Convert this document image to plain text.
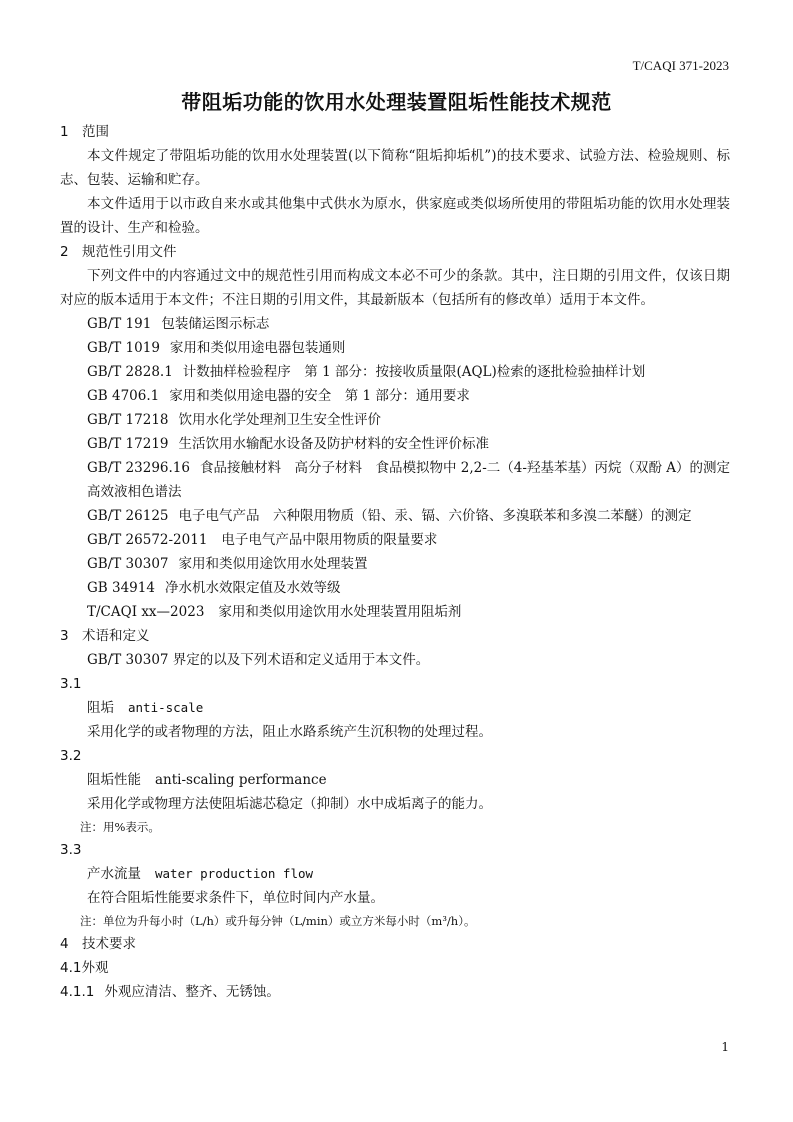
T/CAQI 371-2023
带阻垢功能的饮用水处理装置阻垢性能技术规范
1 范围
本文件规定了带阻垢功能的饮用水处理装置(以下简称“阻垢抑垢机”)的技术要求、试验方法、检验规则、标志、包装、运输和贮存。
本文件适用于以市政自来水或其他集中式供水为原水，供家庭或类似场所使用的带阻垢功能的饮用水处理装置的设计、生产和检验。
2 规范性引用文件
下列文件中的内容通过文中的规范性引用而构成文本必不可少的条款。其中，注日期的引用文件，仅该日期对应的版本适用于本文件；不注日期的引用文件，其最新版本（包括所有的修改单）适用于本文件。
GB/T 191 包装储运图示标志
GB/T 1019 家用和类似用途电器包装通则
GB/T 2828.1 计数抽样检验程序　第 1 部分：按接收质量限(AQL)检索的逐批检验抽样计划
GB 4706.1 家用和类似用途电器的安全　第 1 部分：通用要求
GB/T 17218 饮用水化学处理剂卫生安全性评价
GB/T 17219 生活饮用水输配水设备及防护材料的安全性评价标准
GB/T 23296.16 食品接触材料　高分子材料　食品模拟物中 2,2-二（4-羟基苯基）丙烷（双酚 A）的测定高效液相色谱法
GB/T 26125 电子电气产品　六种限用物质（铅、汞、镉、六价铬、多溴联苯和多溴二苯醚）的测定
GB/T 26572-2011 电子电气产品中限用物质的限量要求
GB/T 30307 家用和类似用途饮用水处理装置
GB 34914 净水机水效限定值及水效等级
T/CAQI xx—2023 家用和类似用途饮用水处理装置用阻垢剂
3 术语和定义
GB/T 30307 界定的以及下列术语和定义适用于本文件。
3.1
阻垢 anti-scale
采用化学的或者物理的方法，阻止水路系统产生沉积物的处理过程。
3.2
阻垢性能 anti-scaling performance
采用化学或物理方法使阻垢滤芯稳定（抑制）水中成垢离子的能力。
注：用%表示。
3.3
产水流量 water production flow
在符合阻垢性能要求条件下，单位时间内产水量。
注：单位为升每小时（L/h）或升每分钟（L/min）或立方米每小时（m³/h）。
4 技术要求
4.1外观
4.1.1 外观应清洁、整齐、无锈蚀。
1
